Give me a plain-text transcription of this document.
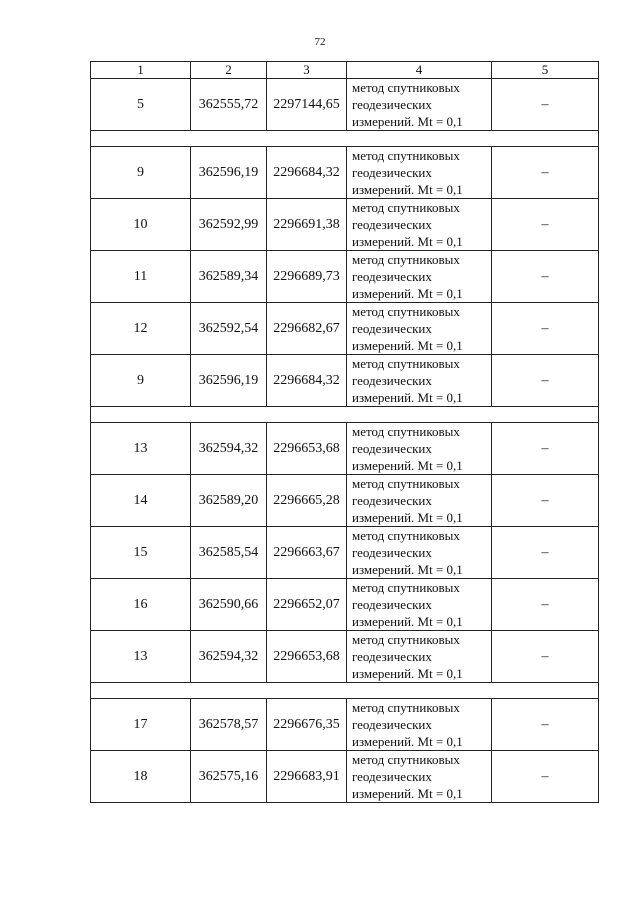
72
1	2	3	4	5
5	362555,72	2297144,65	метод спутниковых
геодезических
измерений. Mt = 0,1	–

9	362596,19	2296684,32	метод спутниковых
геодезических
измерений. Mt = 0,1	–
10	362592,99	2296691,38	метод спутниковых
геодезических
измерений. Mt = 0,1	–
11	362589,34	2296689,73	метод спутниковых
геодезических
измерений. Mt = 0,1	–
12	362592,54	2296682,67	метод спутниковых
геодезических
измерений. Mt = 0,1	–
9	362596,19	2296684,32	метод спутниковых
геодезических
измерений. Mt = 0,1	–

13	362594,32	2296653,68	метод спутниковых
геодезических
измерений. Mt = 0,1	–
14	362589,20	2296665,28	метод спутниковых
геодезических
измерений. Mt = 0,1	–
15	362585,54	2296663,67	метод спутниковых
геодезических
измерений. Mt = 0,1	–
16	362590,66	2296652,07	метод спутниковых
геодезических
измерений. Mt = 0,1	–
13	362594,32	2296653,68	метод спутниковых
геодезических
измерений. Mt = 0,1	–

17	362578,57	2296676,35	метод спутниковых
геодезических
измерений. Mt = 0,1	–
18	362575,16	2296683,91	метод спутниковых
геодезических
измерений. Mt = 0,1	–
